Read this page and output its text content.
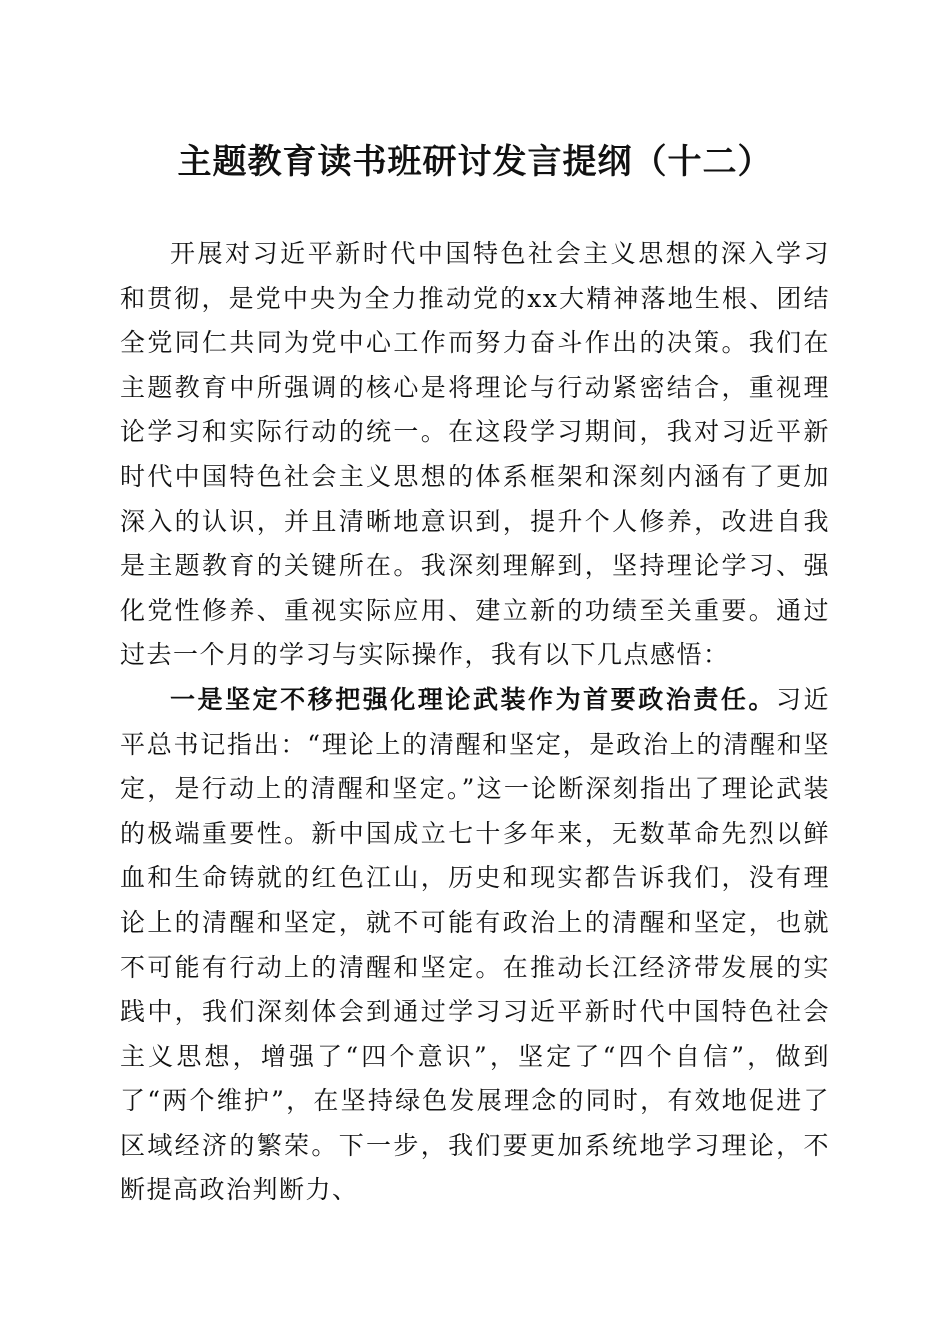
主题教育读书班研讨发言提纲（十二）

开展对习近平新时代中国特色社会主义思想的深入学习和贯彻，是党中央为全力推动党的xx大精神落地生根、团结全党同仁共同为党中心工作而努力奋斗作出的决策。我们在主题教育中所强调的核心是将理论与行动紧密结合，重视理论学习和实际行动的统一。在这段学习期间，我对习近平新时代中国特色社会主义思想的体系框架和深刻内涵有了更加深入的认识，并且清晰地意识到，提升个人修养，改进自我是主题教育的关键所在。我深刻理解到，坚持理论学习、强化党性修养、重视实际应用、建立新的功绩至关重要。通过过去一个月的学习与实际操作，我有以下几点感悟：

一是坚定不移把强化理论武装作为首要政治责任。习近平总书记指出：“理论上的清醒和坚定，是政治上的清醒和坚定，是行动上的清醒和坚定。”这一论断深刻指出了理论武装的极端重要性。新中国成立七十多年来，无数革命先烈以鲜血和生命铸就的红色江山，历史和现实都告诉我们，没有理论上的清醒和坚定，就不可能有政治上的清醒和坚定，也就不可能有行动上的清醒和坚定。在推动长江经济带发展的实践中，我们深刻体会到通过学习习近平新时代中国特色社会主义思想，增强了“四个意识”，坚定了“四个自信”，做到了“两个维护”，在坚持绿色发展理念的同时，有效地促进了区域经济的繁荣。下一步，我们要更加系统地学习理论，不断提高政治判断力、
